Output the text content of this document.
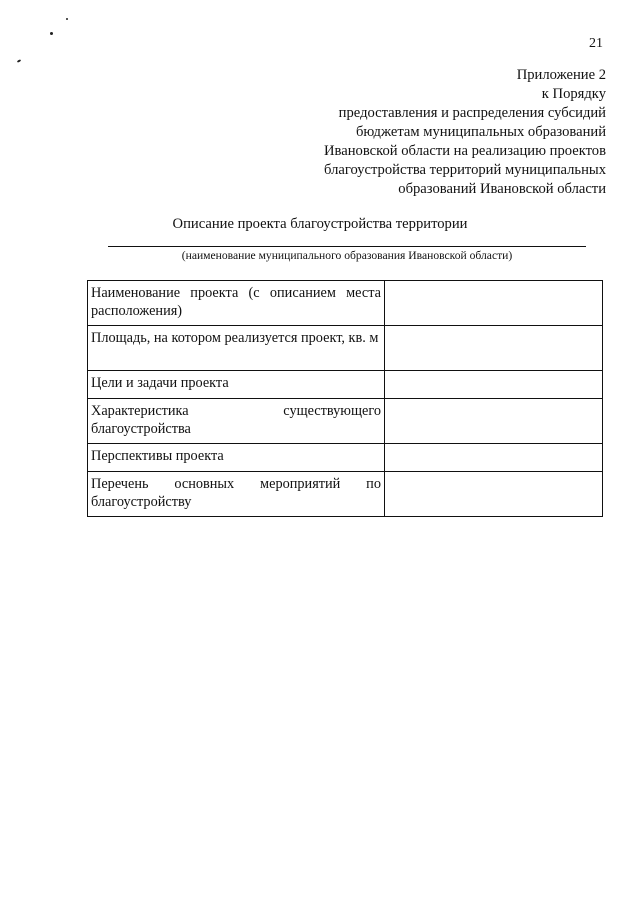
21
Приложение 2
к Порядку
предоставления и распределения субсидий
бюджетам муниципальных образований
Ивановской области на реализацию проектов
благоустройства территорий муниципальных
образований Ивановской области
Описание проекта благоустройства территории
(наименование муниципального образования Ивановской области)
Наименование проекта (с описанием места расположения)	
Площадь, на котором реализуется проект, кв. м	
Цели и задачи проекта	
Характеристика существующего благоустройства	
Перспективы проекта	
Перечень основных мероприятий по благоустройству	
